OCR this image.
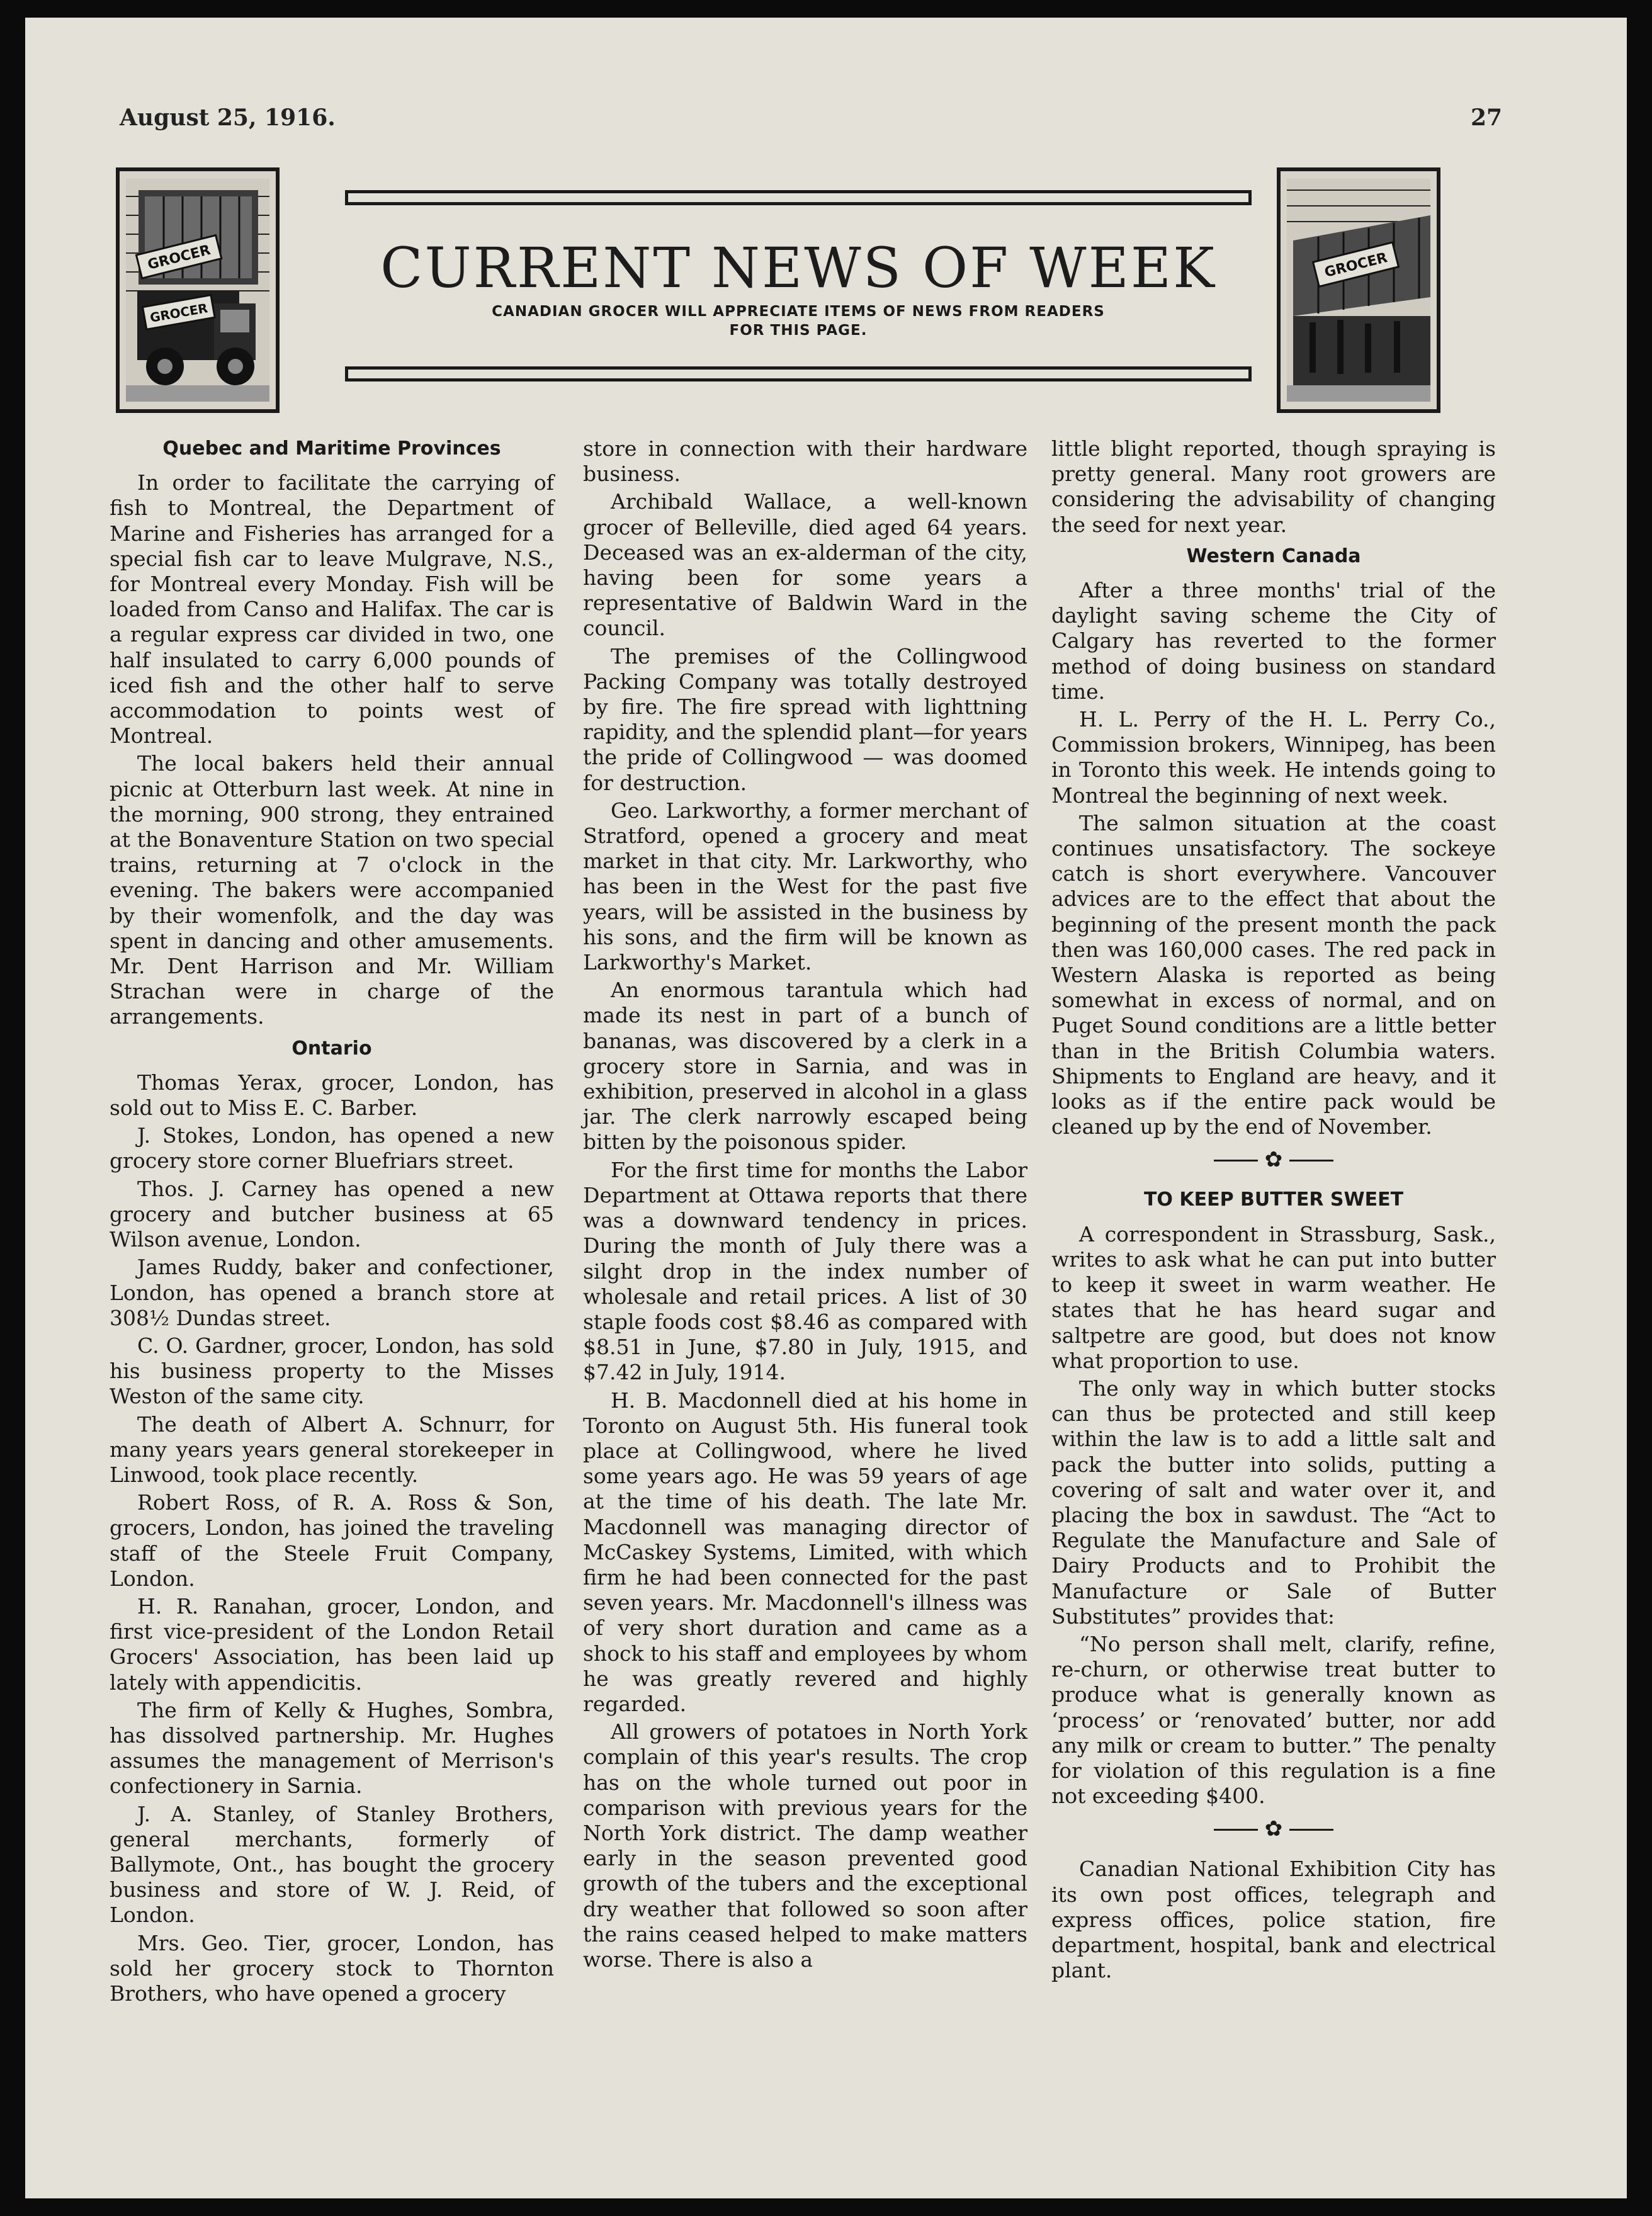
August 25, 1916.	27
GROCER
GROCER
CURRENT NEWS OF WEEK
CANADIAN GROCER WILL APPRECIATE ITEMS OF NEWS FROM READERS
FOR THIS PAGE.
GROCER
Quebec and Maritime Provinces

In order to facilitate the carrying of fish to Montreal, the Department of Marine and Fisheries has arranged for a special fish car to leave Mulgrave, N.S., for Montreal every Monday. Fish will be loaded from Canso and Halifax. The car is a regular express car divided in two, one half insulated to carry 6,000 pounds of iced fish and the other half to serve accommodation to points west of Montreal.

The local bakers held their annual picnic at Otterburn last week. At nine in the morning, 900 strong, they entrained at the Bonaventure Station on two special trains, returning at 7 o'clock in the evening. The bakers were accompanied by their womenfolk, and the day was spent in dancing and other amusements. Mr. Dent Harrison and Mr. William Strachan were in charge of the arrangements.

Ontario

Thomas Yerax, grocer, London, has sold out to Miss E. C. Barber.

J. Stokes, London, has opened a new grocery store corner Bluefriars street.

Thos. J. Carney has opened a new grocery and butcher business at 65 Wilson avenue, London.

James Ruddy, baker and confectioner, London, has opened a branch store at 308½ Dundas street.

C. O. Gardner, grocer, London, has sold his business property to the Misses Weston of the same city.

The death of Albert A. Schnurr, for many years years general storekeeper in Linwood, took place recently.

Robert Ross, of R. A. Ross & Son, grocers, London, has joined the traveling staff of the Steele Fruit Company, London.

H. R. Ranahan, grocer, London, and first vice-president of the London Retail Grocers' Association, has been laid up lately with appendicitis.

The firm of Kelly & Hughes, Sombra, has dissolved partnership. Mr. Hughes assumes the management of Merrison's confectionery in Sarnia.

J. A. Stanley, of Stanley Brothers, general merchants, formerly of Ballymote, Ont., has bought the grocery business and store of W. J. Reid, of London.

Mrs. Geo. Tier, grocer, London, has sold her grocery stock to Thornton Brothers, who have opened a grocery

store in connection with their hardware business.

Archibald Wallace, a well-known grocer of Belleville, died aged 64 years. Deceased was an ex-alderman of the city, having been for some years a representative of Baldwin Ward in the council.

The premises of the Collingwood Packing Company was totally destroyed by fire. The fire spread with lighttning rapidity, and the splendid plant—for years the pride of Collingwood — was doomed for destruction.

Geo. Larkworthy, a former merchant of Stratford, opened a grocery and meat market in that city. Mr. Larkworthy, who has been in the West for the past five years, will be assisted in the business by his sons, and the firm will be known as Larkworthy's Market.

An enormous tarantula which had made its nest in part of a bunch of bananas, was discovered by a clerk in a grocery store in Sarnia, and was in exhibition, preserved in alcohol in a glass jar. The clerk narrowly escaped being bitten by the poisonous spider.

For the first time for months the Labor Department at Ottawa reports that there was a downward tendency in prices. During the month of July there was a silght drop in the index number of wholesale and retail prices. A list of 30 staple foods cost $8.46 as compared with $8.51 in June, $7.80 in July, 1915, and $7.42 in July, 1914.

H. B. Macdonnell died at his home in Toronto on August 5th. His funeral took place at Collingwood, where he lived some years ago. He was 59 years of age at the time of his death. The late Mr. Macdonnell was managing director of McCaskey Systems, Limited, with which firm he had been connected for the past seven years. Mr. Macdonnell's illness was of very short duration and came as a shock to his staff and employees by whom he was greatly revered and highly regarded.

All growers of potatoes in North York complain of this year's results. The crop has on the whole turned out poor in comparison with previous years for the North York district. The damp weather early in the season prevented good growth of the tubers and the exceptional dry weather that followed so soon after the rains ceased helped to make matters worse. There is also a

little blight reported, though spraying is pretty general. Many root growers are considering the advisability of changing the seed for next year.

Western Canada

After a three months' trial of the daylight saving scheme the City of Calgary has reverted to the former method of doing business on standard time.

H. L. Perry of the H. L. Perry Co., Commission brokers, Winnipeg, has been in Toronto this week. He intends going to Montreal the beginning of next week.

The salmon situation at the coast continues unsatisfactory. The sockeye catch is short everywhere. Vancouver advices are to the effect that about the beginning of the present month the pack then was 160,000 cases. The red pack in Western Alaska is reported as being somewhat in excess of normal, and on Puget Sound conditions are a little better than in the British Columbia waters. Shipments to England are heavy, and it looks as if the entire pack would be cleaned up by the end of November.

✿
TO KEEP BUTTER SWEET

A correspondent in Strassburg, Sask., writes to ask what he can put into butter to keep it sweet in warm weather. He states that he has heard sugar and saltpetre are good, but does not know what proportion to use.

The only way in which butter stocks can thus be protected and still keep within the law is to add a little salt and pack the butter into solids, putting a covering of salt and water over it, and placing the box in sawdust. The “Act to Regulate the Manufacture and Sale of Dairy Products and to Prohibit the Manufacture or Sale of Butter Substitutes” provides that:

“No person shall melt, clarify, refine, re-churn, or otherwise treat butter to produce what is generally known as ‘process’ or ‘renovated’ butter, nor add any milk or cream to butter.” The penalty for violation of this regulation is a fine not exceeding $400.

✿

Canadian National Exhibition City has its own post offices, telegraph and express offices, police station, fire department, hospital, bank and electrical plant.
